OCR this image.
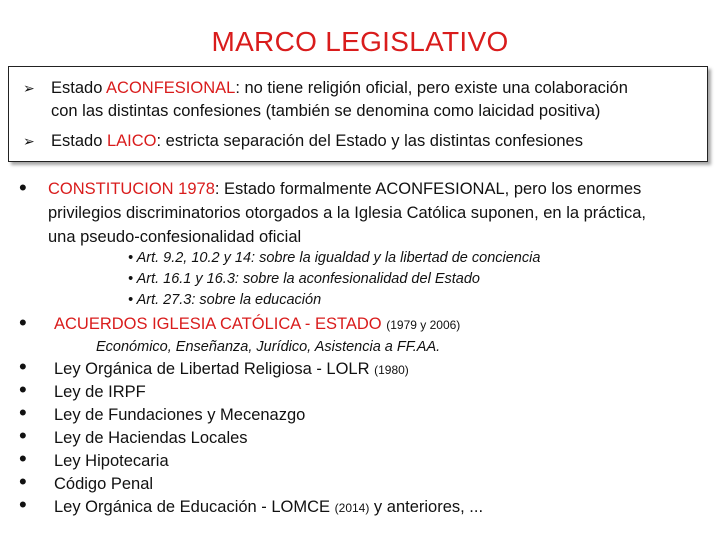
MARCO LEGISLATIVO
➢ Estado ACONFESIONAL: no tiene religión oficial, pero existe una colaboración
con las distintas confesiones (también se denomina como laicidad positiva)
➢ Estado LAICO: estricta separación del Estado y las distintas confesiones
• CONSTITUCION 1978: Estado formalmente ACONFESIONAL, pero los enormes
privilegios discriminatorios otorgados a la Iglesia Católica suponen, en la práctica,
una pseudo-confesionalidad oficial
• Art. 9.2, 10.2 y 14: sobre la igualdad y la libertad de conciencia
• Art. 16.1 y 16.3: sobre la aconfesionalidad del Estado
• Art. 27.3: sobre la educación
• ACUERDOS IGLESIA CATÓLICA - ESTADO (1979 y 2006)
Económico, Enseñanza, Jurídico, Asistencia a FF.AA.
• Ley Orgánica de Libertad Religiosa - LOLR (1980)
• Ley de IRPF
• Ley de Fundaciones y Mecenazgo
• Ley de Haciendas Locales
• Ley Hipotecaria
• Código Penal
• Ley Orgánica de Educación - LOMCE (2014) y anteriores, ...
